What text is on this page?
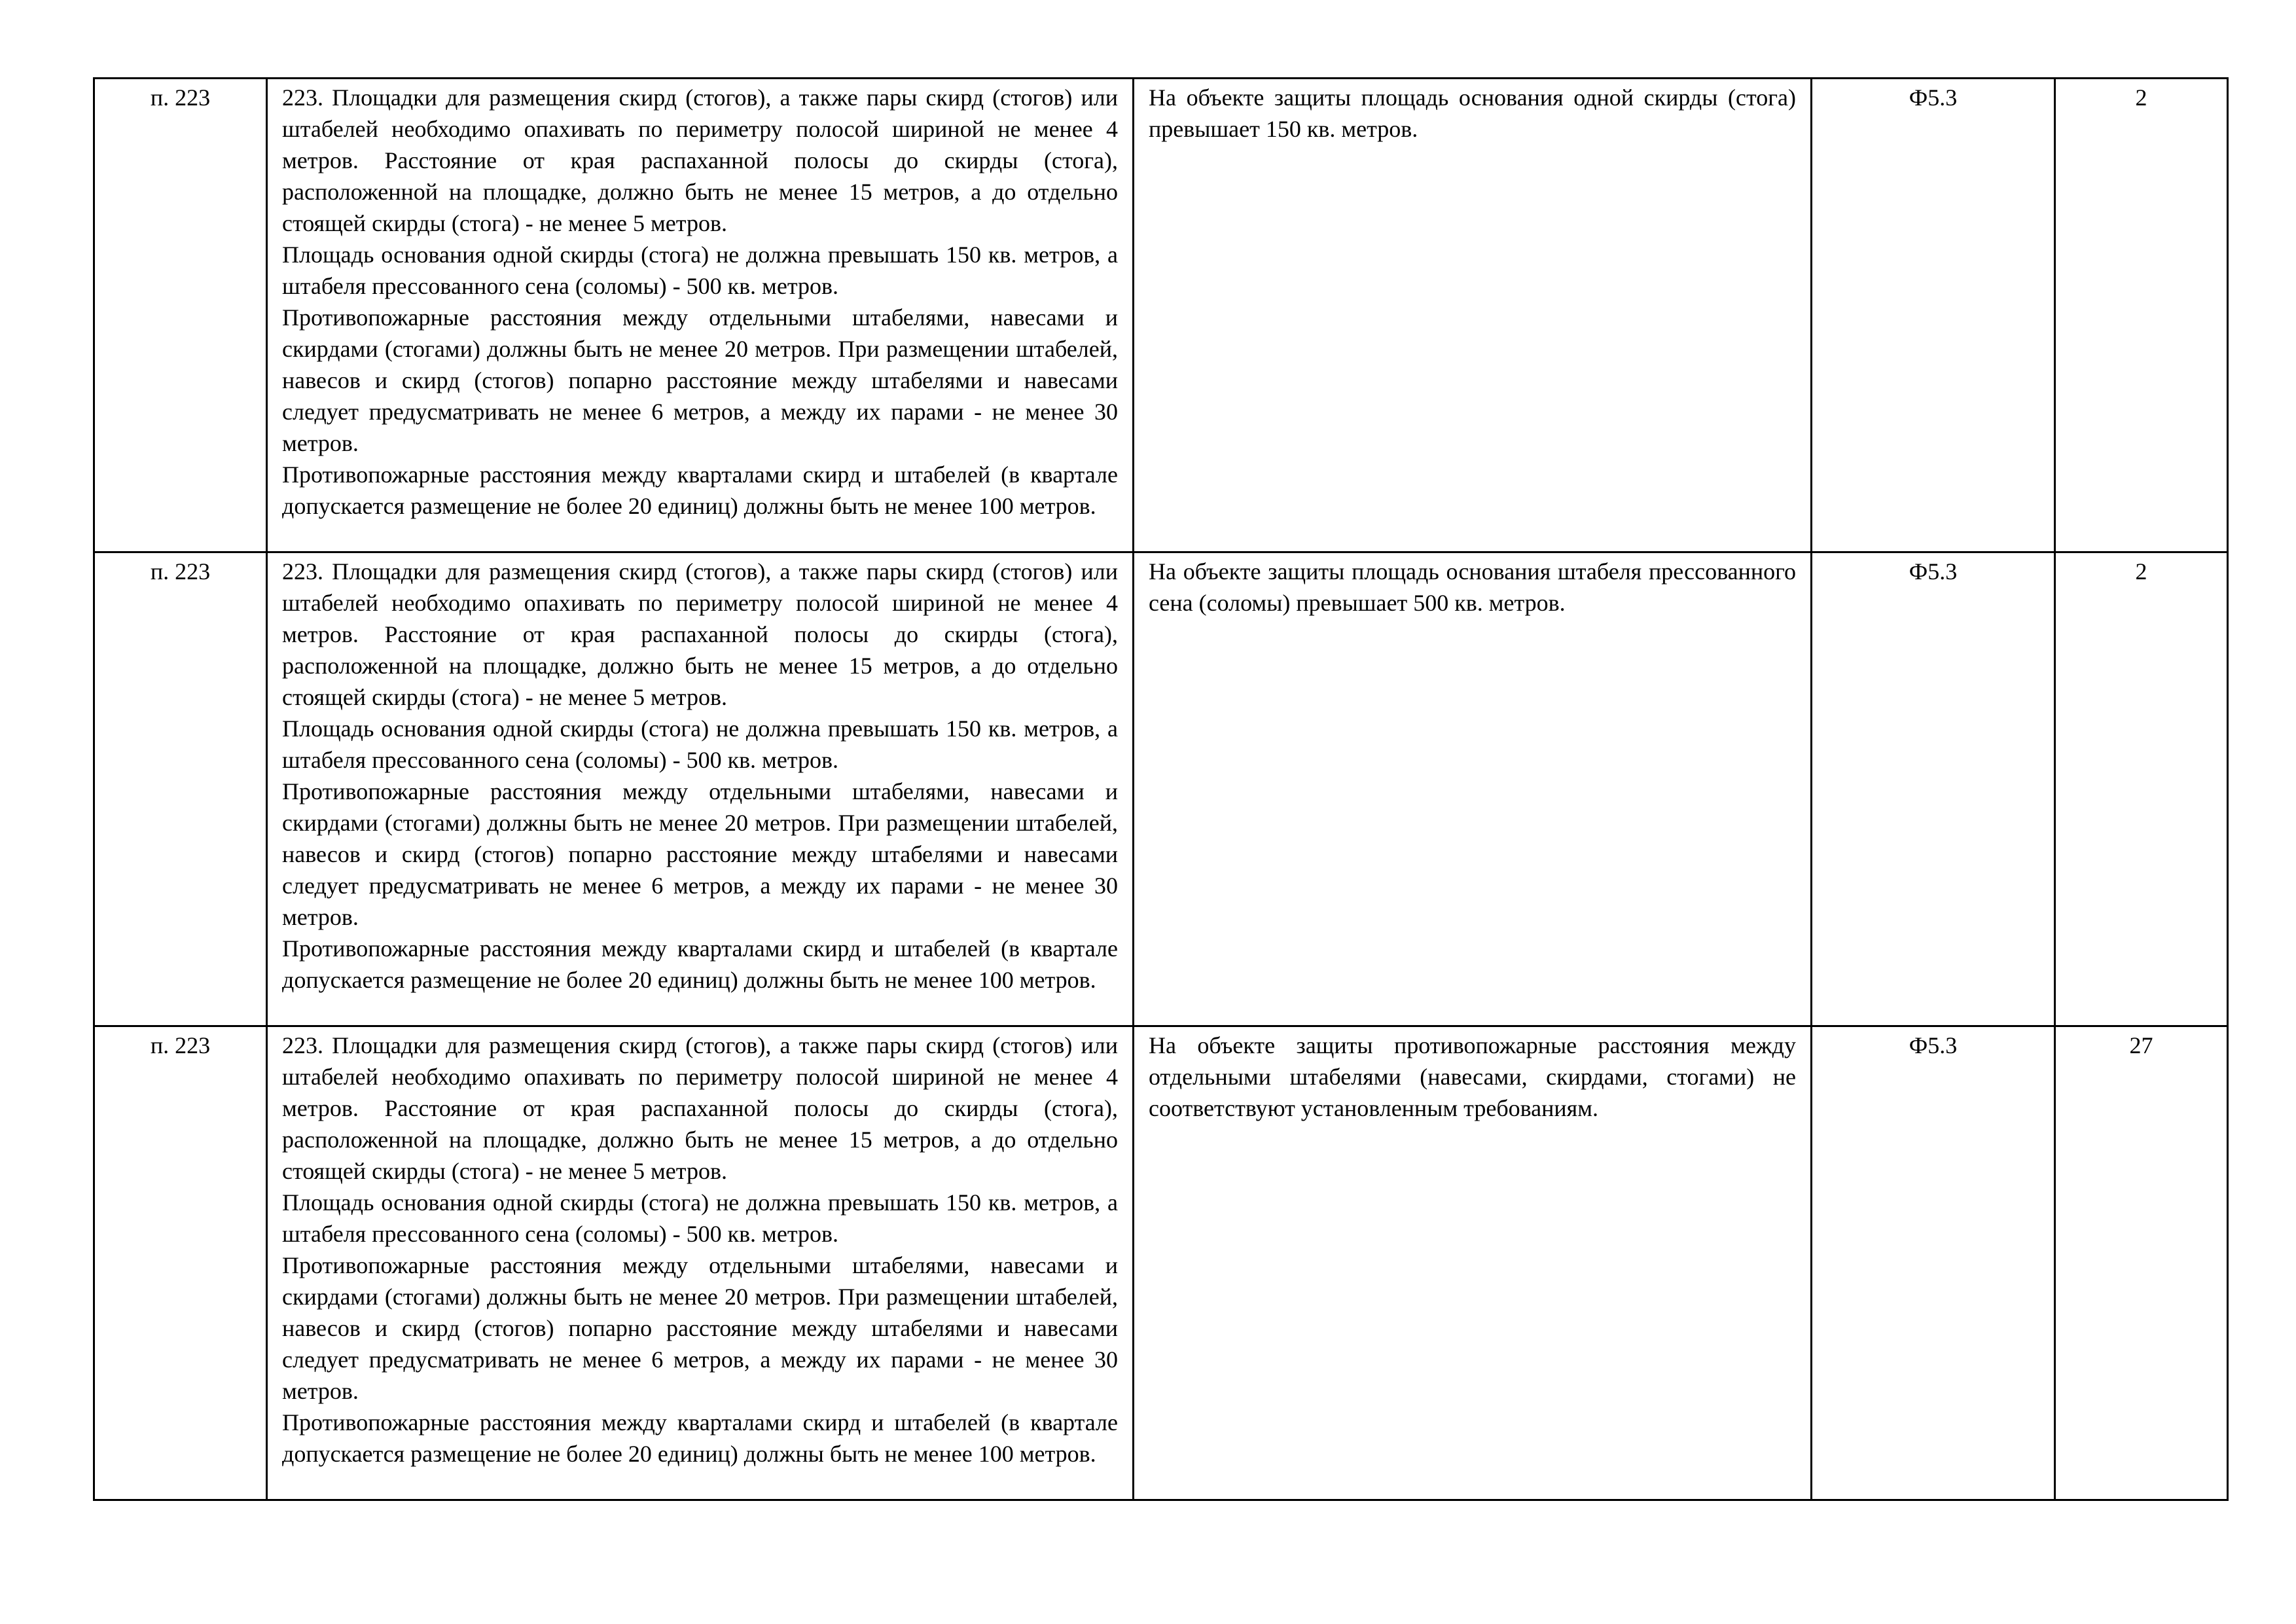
п. 223	223. Площадки для размещения скирд (стогов), а также пары скирд (стогов) или штабелей необходимо опахивать по периметру полосой шириной не менее 4 метров. Расстояние от края распаханной полосы до скирды (стога), расположенной на площадке, должно быть не менее 15 метров, а до отдельно стоящей скирды (стога) - не менее 5 метров.
Площадь основания одной скирды (стога) не должна превышать 150 кв. метров, а штабеля прессованного сена (соломы) - 500 кв. метров.
Противопожарные расстояния между отдельными штабелями, навесами и скирдами (стогами) должны быть не менее 20 метров. При размещении штабелей, навесов и скирд (стогов) попарно расстояние между штабелями и навесами следует предусматривать не менее 6 метров, а между их парами - не менее 30 метров.
Противопожарные расстояния между кварталами скирд и штабелей (в квартале допускается размещение не более 20 единиц) должны быть не менее 100 метров.	На объекте защиты площадь основания одной скирды (стога) превышает 150 кв. метров.	Ф5.3	2
п. 223	223. Площадки для размещения скирд (стогов), а также пары скирд (стогов) или штабелей необходимо опахивать по периметру полосой шириной не менее 4 метров. Расстояние от края распаханной полосы до скирды (стога), расположенной на площадке, должно быть не менее 15 метров, а до отдельно стоящей скирды (стога) - не менее 5 метров.
Площадь основания одной скирды (стога) не должна превышать 150 кв. метров, а штабеля прессованного сена (соломы) - 500 кв. метров.
Противопожарные расстояния между отдельными штабелями, навесами и скирдами (стогами) должны быть не менее 20 метров. При размещении штабелей, навесов и скирд (стогов) попарно расстояние между штабелями и навесами следует предусматривать не менее 6 метров, а между их парами - не менее 30 метров.
Противопожарные расстояния между кварталами скирд и штабелей (в квартале допускается размещение не более 20 единиц) должны быть не менее 100 метров.	На объекте защиты площадь основания штабеля прессованного сена (соломы) превышает 500 кв. метров.	Ф5.3	2
п. 223	223. Площадки для размещения скирд (стогов), а также пары скирд (стогов) или штабелей необходимо опахивать по периметру полосой шириной не менее 4 метров. Расстояние от края распаханной полосы до скирды (стога), расположенной на площадке, должно быть не менее 15 метров, а до отдельно стоящей скирды (стога) - не менее 5 метров.
Площадь основания одной скирды (стога) не должна превышать 150 кв. метров, а штабеля прессованного сена (соломы) - 500 кв. метров.
Противопожарные расстояния между отдельными штабелями, навесами и скирдами (стогами) должны быть не менее 20 метров. При размещении штабелей, навесов и скирд (стогов) попарно расстояние между штабелями и навесами следует предусматривать не менее 6 метров, а между их парами - не менее 30 метров.
Противопожарные расстояния между кварталами скирд и штабелей (в квартале допускается размещение не более 20 единиц) должны быть не менее 100 метров.	На объекте защиты противопожарные расстояния между отдельными штабелями (навесами, скирдами, стогами) не соответствуют установленным требованиям.	Ф5.3	27
